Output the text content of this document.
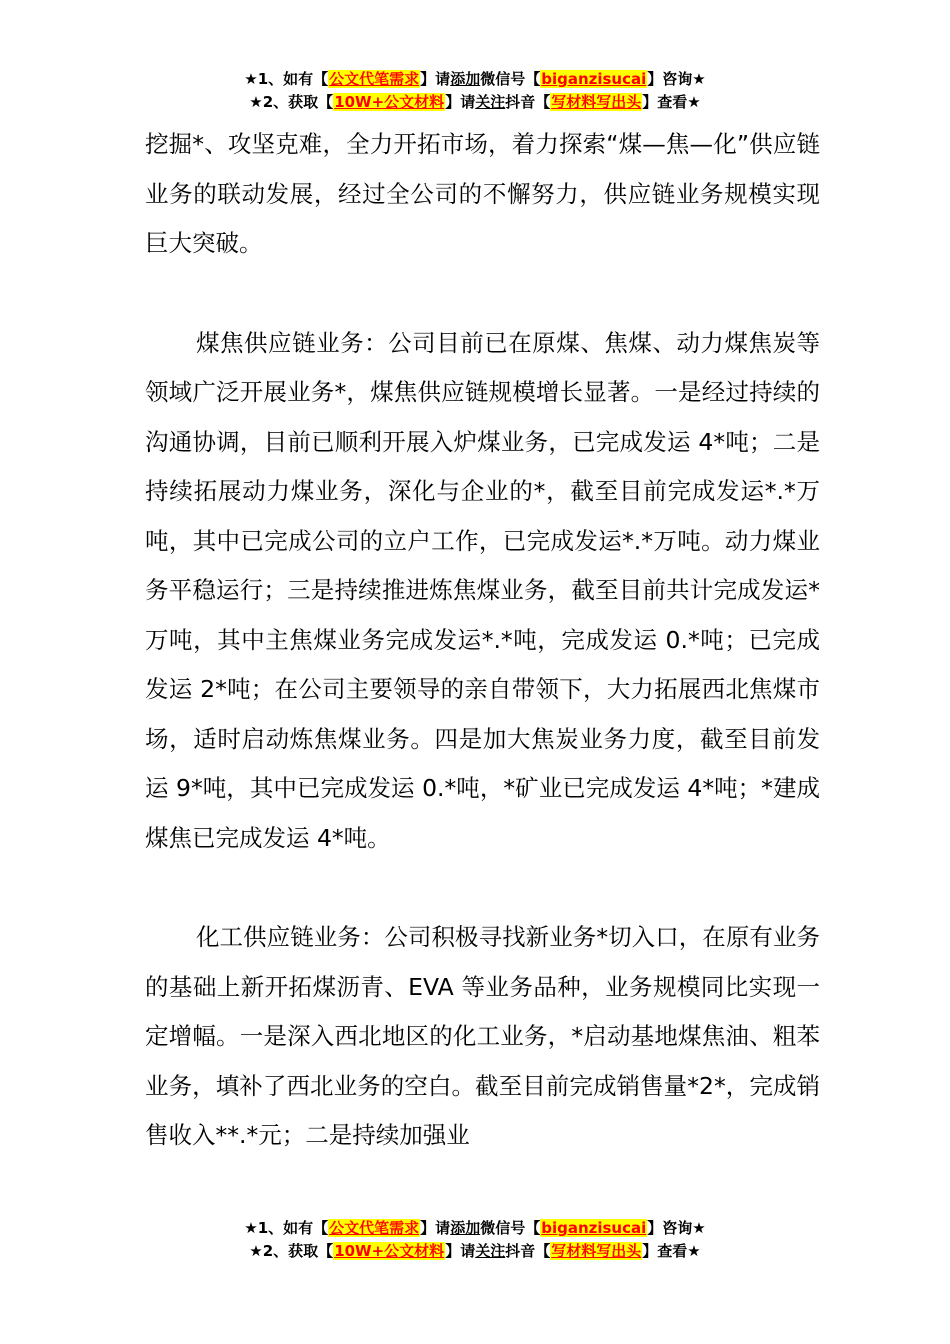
★1、如有【公文代笔需求】请添加微信号【biganzisucai】咨询★
★2、获取【10W+公文材料】请关注抖音【写材料写出头】查看★

挖掘*、攻坚克难，全力开拓市场，着力探索“煤—焦—化”供应链业务的联动发展，经过全公司的不懈努力，供应链业务规模实现巨大突破。

煤焦供应链业务：公司目前已在原煤、焦煤、动力煤焦炭等领域广泛开展业务*，煤焦供应链规模增长显著。一是经过持续的沟通协调，目前已顺利开展入炉煤业务，已完成发运 4*吨；二是持续拓展动力煤业务，深化与企业的*，截至目前完成发运*.*万吨，其中已完成公司的立户工作，已完成发运*.*万吨。动力煤业务平稳运行；三是持续推进炼焦煤业务，截至目前共计完成发运*万吨，其中主焦煤业务完成发运*.*吨，完成发运 0.*吨；已完成发运 2*吨；在公司主要领导的亲自带领下，大力拓展西北焦煤市场，适时启动炼焦煤业务。四是加大焦炭业务力度，截至目前发运 9*吨，其中已完成发运 0.*吨，*矿业已完成发运 4*吨；*建成煤焦已完成发运 4*吨。

化工供应链业务：公司积极寻找新业务*切入口，在原有业务的基础上新开拓煤沥青、EVA 等业务品种，业务规模同比实现一定增幅。一是深入西北地区的化工业务，*启动基地煤焦油、粗苯业务，填补了西北业务的空白。截至目前完成销售量*2*，完成销售收入**.*元；二是持续加强业

★1、如有【公文代笔需求】请添加微信号【biganzisucai】咨询★
★2、获取【10W+公文材料】请关注抖音【写材料写出头】查看★
